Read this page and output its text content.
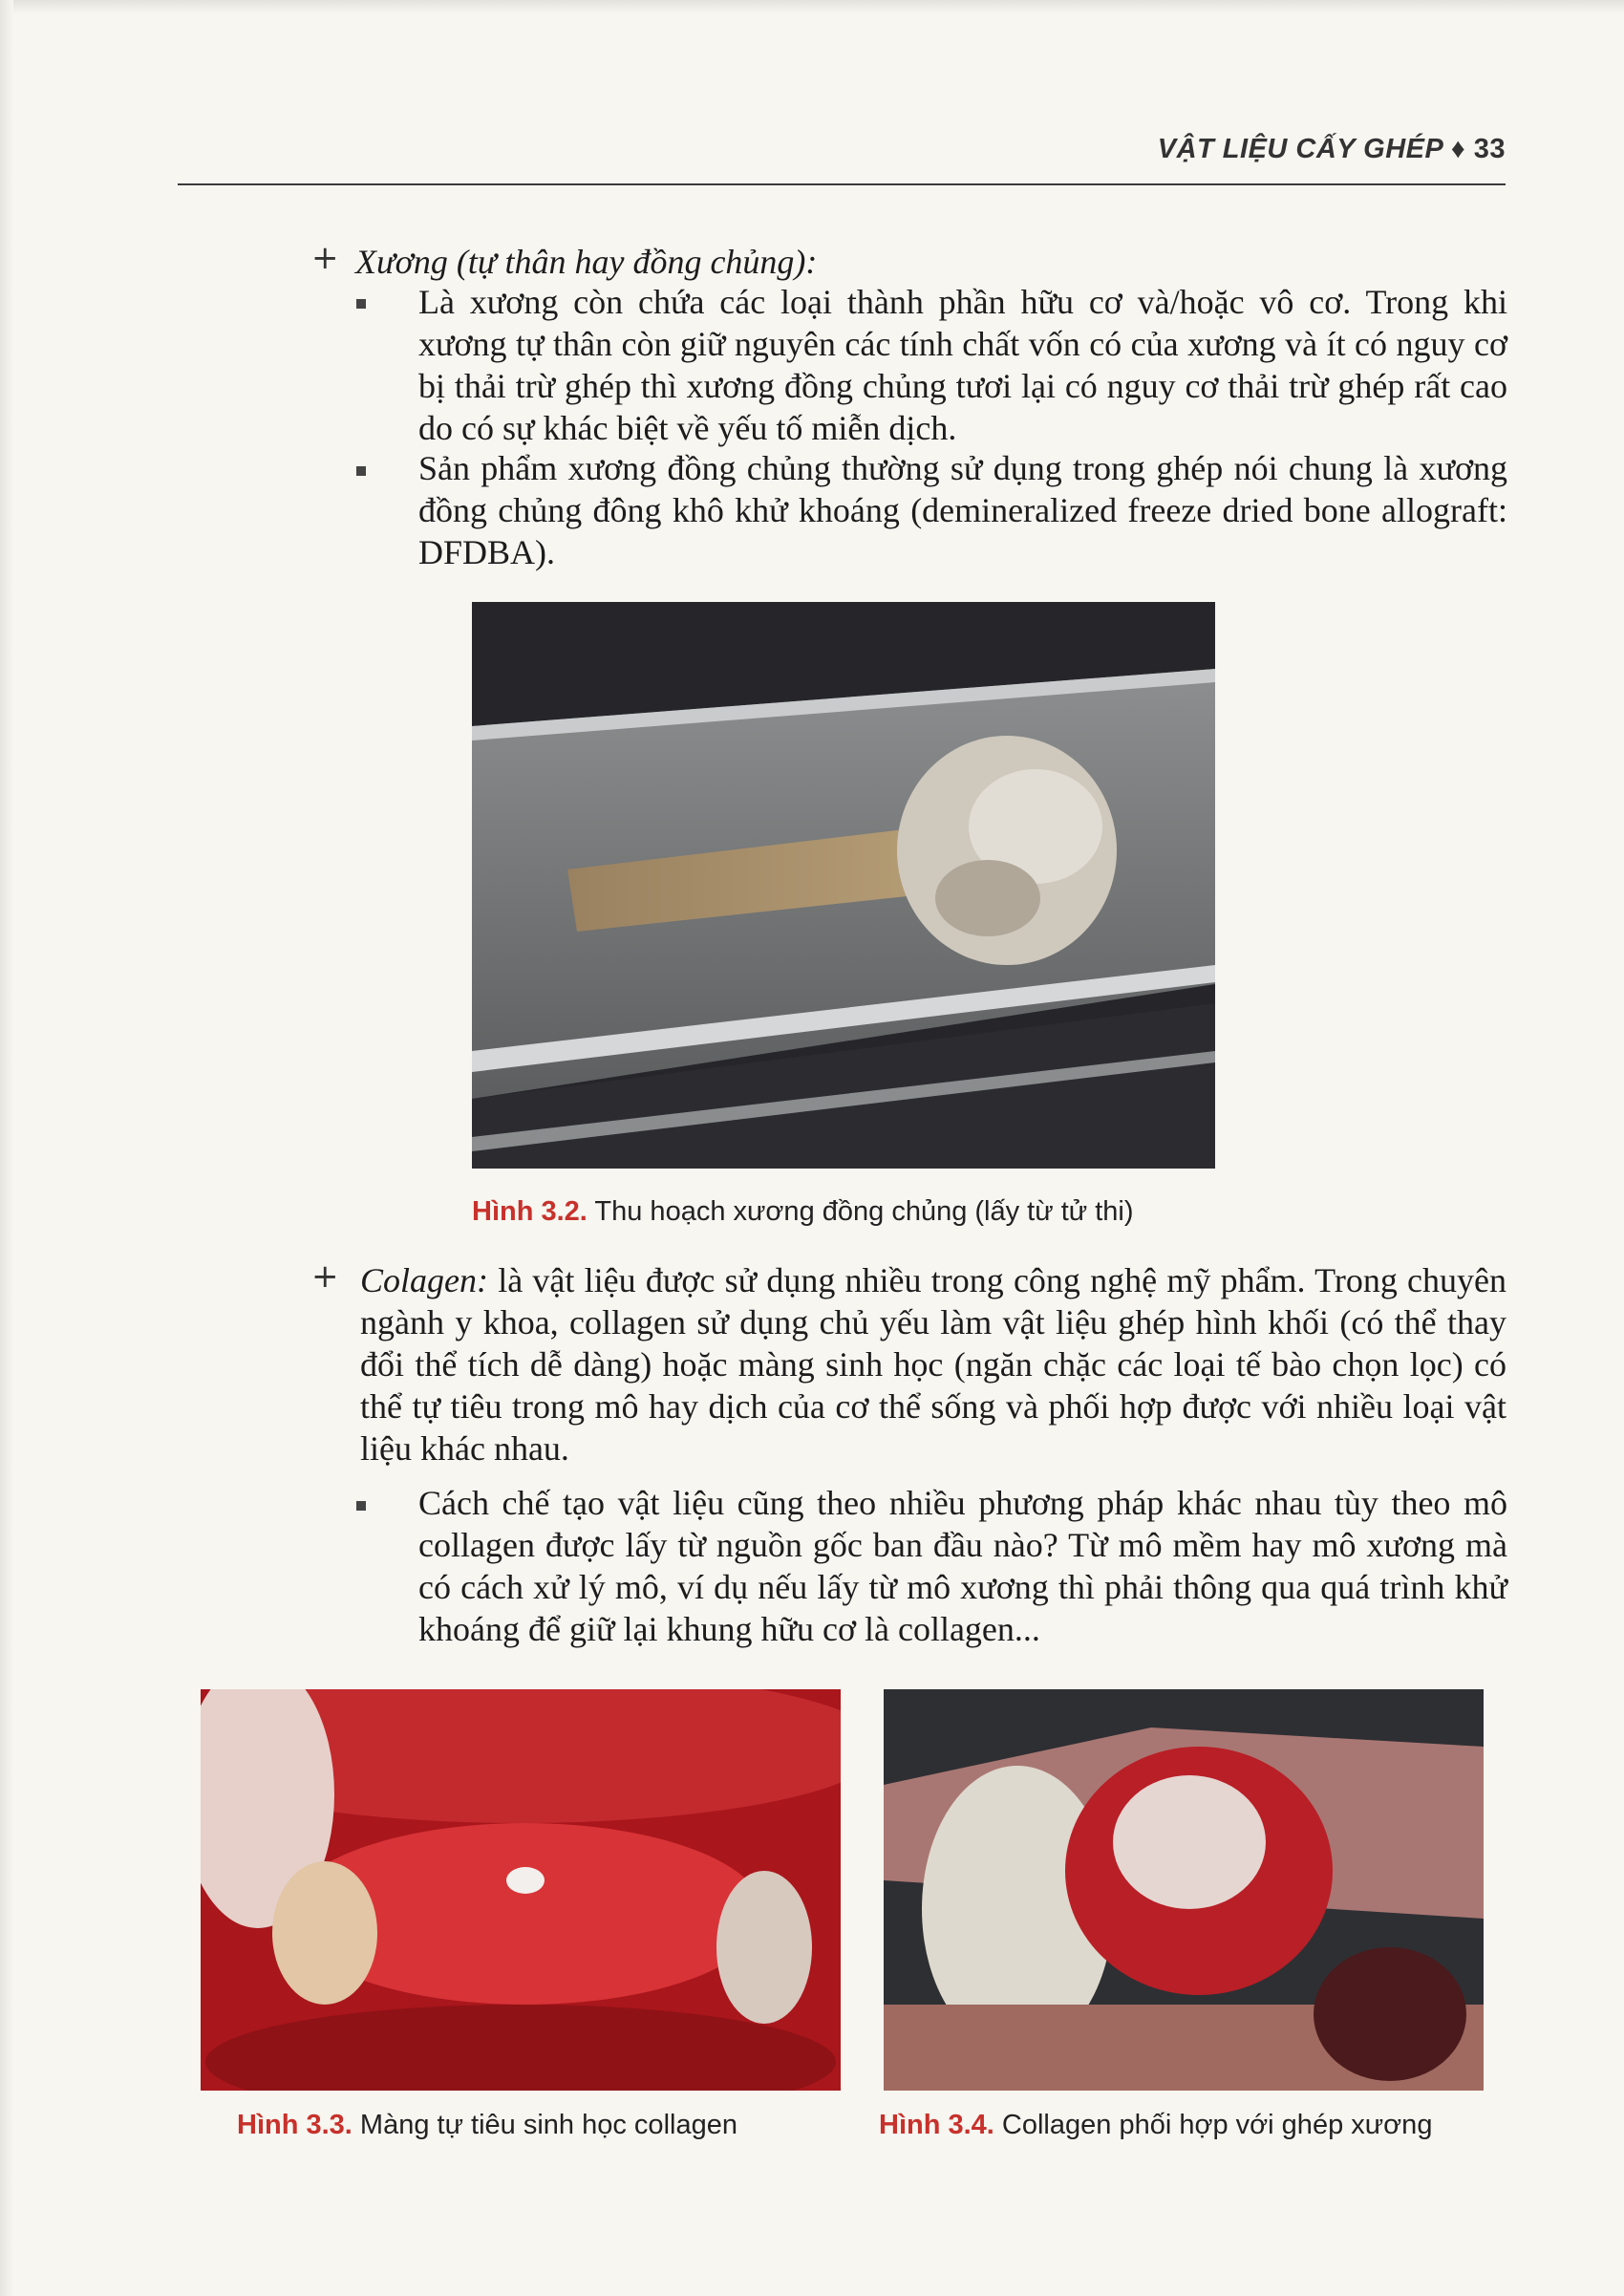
VẬT LIỆU CẤY GHÉP ♦ 33
+ Xương (tự thân hay đồng chủng):

Là xương còn chứa các loại thành phần hữu cơ và/hoặc vô cơ. Trong khi xương tự thân còn giữ nguyên các tính chất vốn có của xương và ít có nguy cơ bị thải trừ ghép thì xương đồng chủng tươi lại có nguy cơ thải trừ ghép rất cao do có sự khác biệt về yếu tố miễn dịch.

Sản phẩm xương đồng chủng thường sử dụng trong ghép nói chung là xương đồng chủng đông khô khử khoáng (demineralized freeze dried bone allograft: DFDBA).

Hình 3.2. Thu hoạch xương đồng chủng (lấy từ tử thi)
+ Colagen: là vật liệu được sử dụng nhiều trong công nghệ mỹ phẩm. Trong chuyên ngành y khoa, collagen sử dụng chủ yếu làm vật liệu ghép hình khối (có thể thay đổi thể tích dễ dàng) hoặc màng sinh học (ngăn chặc các loại tế bào chọn lọc) có thể tự tiêu trong mô hay dịch của cơ thể sống và phối hợp được với nhiều loại vật liệu khác nhau.

Cách chế tạo vật liệu cũng theo nhiều phương pháp khác nhau tùy theo mô collagen được lấy từ nguồn gốc ban đầu nào? Từ mô mềm hay mô xương mà có cách xử lý mô, ví dụ nếu lấy từ mô xương thì phải thông qua quá trình khử khoáng để giữ lại khung hữu cơ là collagen...

Hình 3.3. Màng tự tiêu sinh học collagen	Hình 3.4. Collagen phối hợp với ghép xương
